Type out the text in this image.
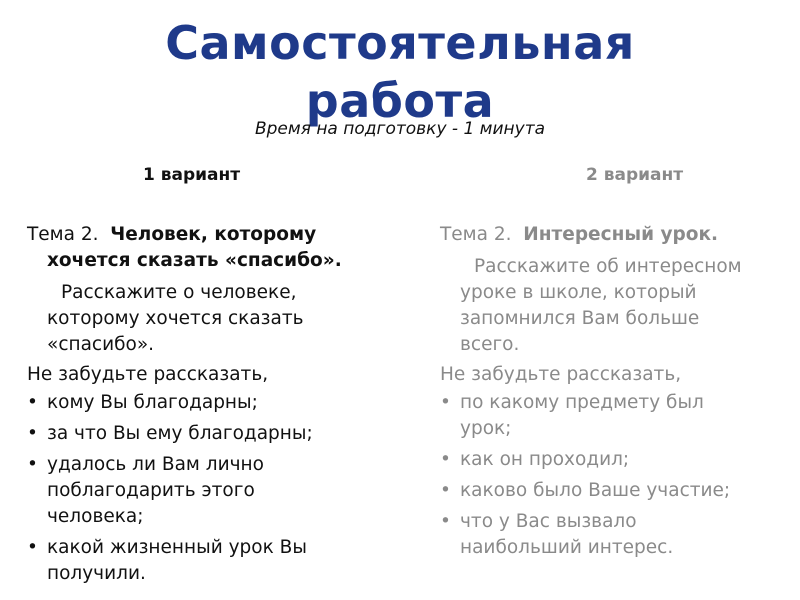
Самостоятельная
работа
Время на подготовку - 1 минута
1 вариант	2 вариант

Тема 2. Человек, которому
хочется сказать «спасибо».

Расскажите о человеке,
которому хочется сказать
«спасибо».

Не забудьте рассказать,

• кому Вы благодарны;
• за что Вы ему благодарны;
• удалось ли Вам лично
поблагодарить этого
человека;
• какой жизненный урок Вы
получили.

Тема 2. Интересный урок.

Расскажите об интересном
уроке в школе, который
запомнился Вам больше
всего.

Не забудьте рассказать,

• по какому предмету был
урок;
• как он проходил;
• каково было Ваше участие;
• что у Вас вызвало
наибольший интерес.
